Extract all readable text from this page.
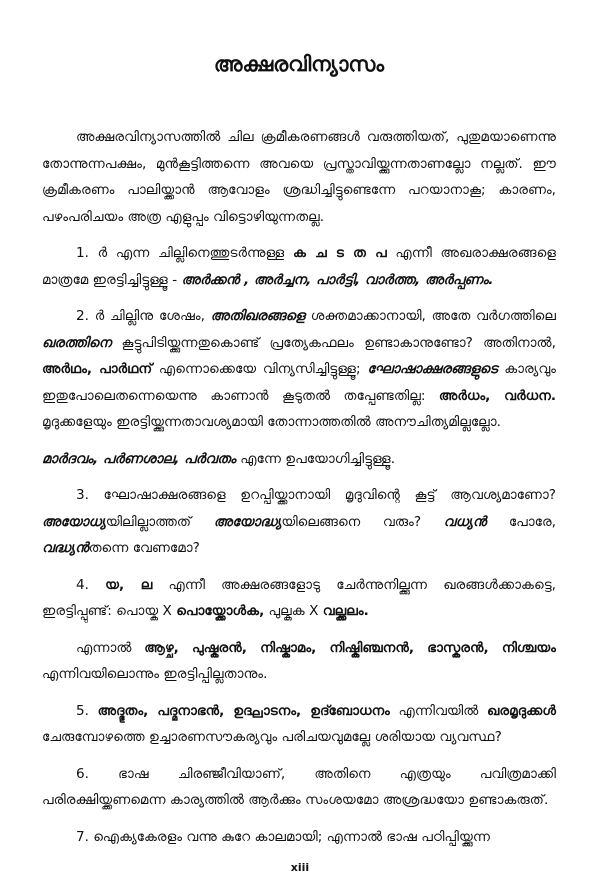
അക്ഷരവിന്യാസം

അക്ഷരവിന്യാസത്തിൽ ചില ക്രമീകരണങ്ങൾ വരുത്തിയത്, പുതുമയാണെന്നു തോന്നുന്നപക്ഷം, മുൻകൂട്ടിത്തന്നെ അവയെ പ്രസ്താവിയ്ക്കുന്നതാണല്ലോ നല്ലത്. ഈ ക്രമീകരണം പാലിയ്ക്കാൻ ആവോളം ശ്രദ്ധിച്ചിട്ടുണ്ടെന്നേ പറയാനാകൂ; കാരണം, പഴംപരിചയം അത്ര എളുപ്പം വിട്ടൊഴിയുന്നതല്ല.

1. ർ എന്ന ചില്ലിനെത്തുടർന്നുള്ള ക ച ട ത പ എന്നീ അഖരാക്ഷരങ്ങളെ മാത്രമേ ഇരട്ടിച്ചിട്ടുള്ളൂ - അർക്കൻ , അർച്ചന, പാർട്ടി, വാർത്ത, അർപ്പണം.

2. ർ ചില്ലിനു ശേഷം, അതിഖരങ്ങളെ ശക്തമാക്കാനായി, അതേ വർഗത്തിലെ ഖരത്തിനെ കൂട്ടുപിടിയ്ക്കുന്നതുകൊണ്ട് പ്രത്യേകഫലം ഉണ്ടാകാനുണ്ടോ? അതിനാൽ, അർഥം, പാർഥന് എന്നൊക്കെയേ വിന്യസിച്ചിട്ടുള്ളൂ; ഘോഷാക്ഷരങ്ങളുടെ കാര്യവും ഇതുപോലെതന്നെയെന്നു കാണാൻ കൂടുതൽ തപ്പേണ്ടതില്ല: അർധം, വർധന. മൃദുക്കളേയും ഇരട്ടിയ്ക്കുന്നതാവശ്യമായി തോന്നാത്തതിൽ അനൗചിത്യമില്ലല്ലോ.

മാർദവം, പർണശാല, പർവതം എന്നേ ഉപയോഗിച്ചിട്ടുള്ളൂ.

3. ഘോഷാക്ഷരങ്ങളെ ഉറപ്പിയ്ക്കാനായി മൃദുവിന്റെ കൂട്ട് ആവശ്യമാണോ? അയോധ്യയിലില്ലാത്തത് അയോദ്ധ്യയിലെങ്ങനെ വരും? വധ്യൻ പോരേ, വദ്ധ്യൻതന്നെ വേണമോ?

4. യ, ല എന്നീ അക്ഷരങ്ങളോടു ചേർന്നുനില്ക്കുന്ന ഖരങ്ങൾക്കാകട്ടെ, ഇരട്ടിപ്പുണ്ട്: പൊയ്ക X പൊയ്ക്കോൾക, പുല്കുക X വല്ക്കലം.

എന്നാൽ ആഴ്ച, പുഷ്കരൻ, നിഷ്കാമം, നിഷ്കിഞ്ചനൻ, ഭാസ്കരൻ, നിശ്ചയം എന്നിവയിലൊന്നും ഇരട്ടിപ്പില്ലതാനും.

5. അദ്ഭുതം, പദ്മനാഭൻ, ഉദ്ഘാടനം, ഉദ്ബോധനം എന്നിവയിൽ ഖരമൃദുക്കൾ ചേരുമ്പോഴത്തെ ഉച്ചാരണസൗകര്യവും പരിചയവുമല്ലേ ശരിയായ വ്യവസ്ഥ?

6. ഭാഷ ചിരഞ്ജീവിയാണ്, അതിനെ എത്രയും പവിത്രമാക്കി പരിരക്ഷിയ്ക്കണമെന്ന കാര്യത്തിൽ ആർക്കും സംശയമോ അശ്രദ്ധയോ ഉണ്ടാകരുത്.

7. ഐക്യകേരളം വന്നു കുറേ കാലമായി; എന്നാൽ ഭാഷ പഠിപ്പിയ്ക്കുന്ന

xiii
